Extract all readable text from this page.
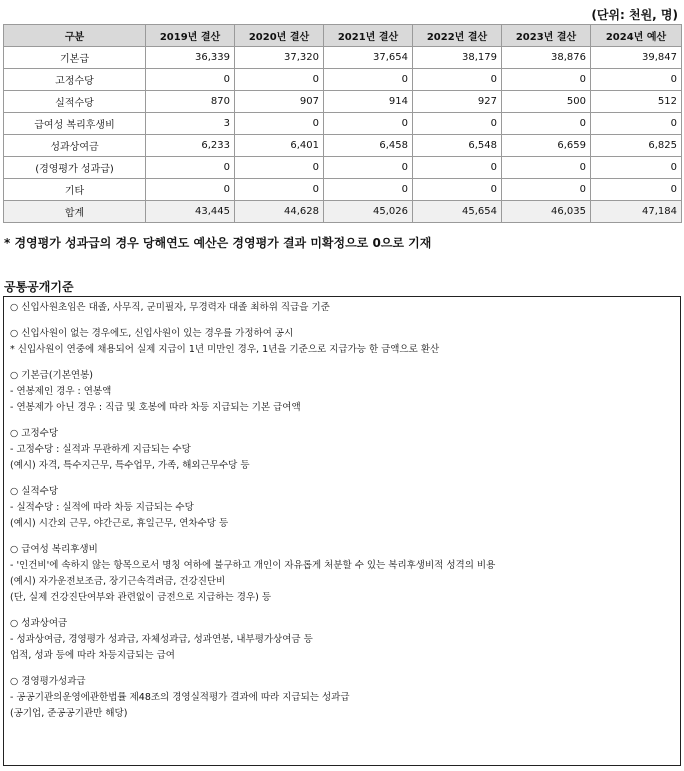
(단위: 천원, 명)
구분	2019년 결산	2020년 결산	2021년 결산	2022년 결산	2023년 결산	2024년 예산
기본급	36,339	37,320	37,654	38,179	38,876	39,847
고정수당	0	0	0	0	0	0
실적수당	870	907	914	927	500	512
급여성 복리후생비	3	0	0	0	0	0
성과상여금	6,233	6,401	6,458	6,548	6,659	6,825
(경영평가 성과급)	0	0	0	0	0	0
기타	0	0	0	0	0	0
합계	43,445	44,628	45,026	45,654	46,035	47,184
* 경영평가 성과급의 경우 당해연도 예산은 경영평가 결과 미확정으로 0으로 기재
공통공개기준
○ 신입사원초임은 대졸, 사무직, 군미필자, 무경력자 대졸 최하위 직급을 기준
○ 신입사원이 없는 경우에도, 신입사원이 있는 경우를 가정하여 공시
* 신입사원이 연중에 채용되어 실제 지급이 1년 미만인 경우, 1년을 기준으로 지급가능 한 금액으로 환산
○ 기본급(기본연봉)
- 연봉제인 경우 : 연봉액
- 연봉제가 아닌 경우 : 직급 및 호봉에 따라 차등 지급되는 기본 급여액
○ 고정수당
- 고정수당 : 실적과 무관하게 지급되는 수당
(예시) 자격, 특수지근무, 특수업무, 가족, 해외근무수당 등
○ 실적수당
- 실적수당 : 실적에 따라 차등 지급되는 수당
(예시) 시간외 근무, 야간근로, 휴일근무, 연차수당 등
○ 급여성 복리후생비
- '인건비'에 속하지 않는 항목으로서 명칭 여하에 불구하고 개인이 자유롭게 처분할 수 있는 복리후생비적 성격의 비용
(예시) 자가운전보조금, 장기근속격려금, 건강진단비
(단, 실제 건강진단여부와 관련없이 금전으로 지급하는 경우) 등
○ 성과상여금
- 성과상여금, 경영평가 성과급, 자체성과급, 성과연봉, 내부평가상여금 등
업적, 성과 등에 따라 차등지급되는 급여
○ 경영평가성과급
- 공공기관의운영에관한법률 제48조의 경영실적평가 결과에 따라 지급되는 성과급
(공기업, 준공공기관만 해당)
